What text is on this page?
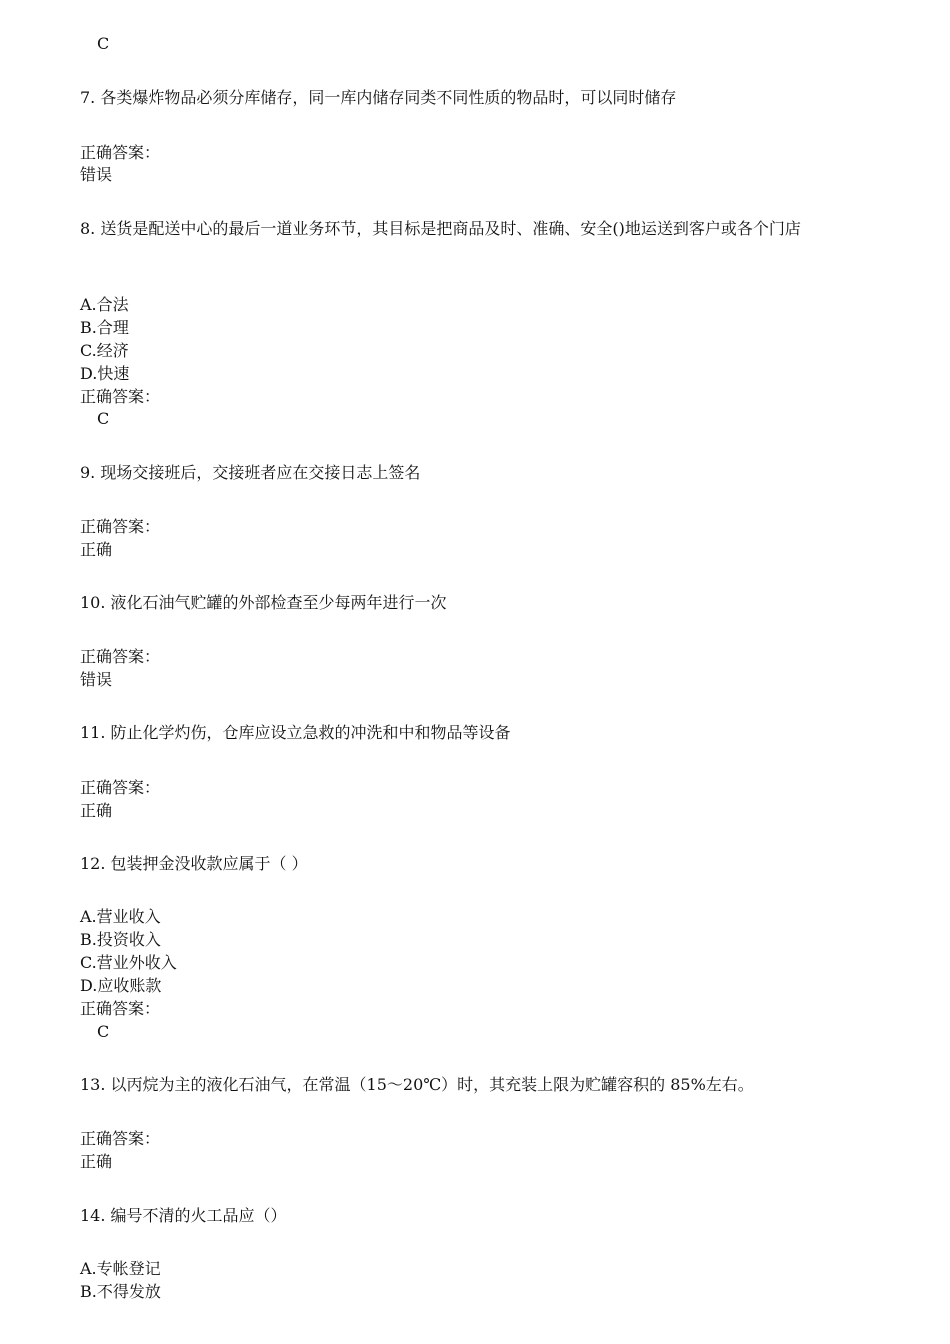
C
7. 各类爆炸物品必须分库储存，同一库内储存同类不同性质的物品时，可以同时储存
正确答案：
错误
8. 送货是配送中心的最后一道业务环节，其目标是把商品及时、准确、安全()地运送到客户或各个门店
A.合法
B.合理
C.经济
D.快速
正确答案：
C
9. 现场交接班后，交接班者应在交接日志上签名
正确答案：
正确
10. 液化石油气贮罐的外部检查至少每两年进行一次
正确答案：
错误
11. 防止化学灼伤，仓库应设立急救的冲洗和中和物品等设备
正确答案：
正确
12. 包装押金没收款应属于（ ）
A.营业收入
B.投资收入
C.营业外收入
D.应收账款
正确答案：
C
13. 以丙烷为主的液化石油气，在常温（15～20℃）时，其充装上限为贮罐容积的 85%左右。
正确答案：
正确
14. 编号不清的火工品应（）
A.专帐登记
B.不得发放
